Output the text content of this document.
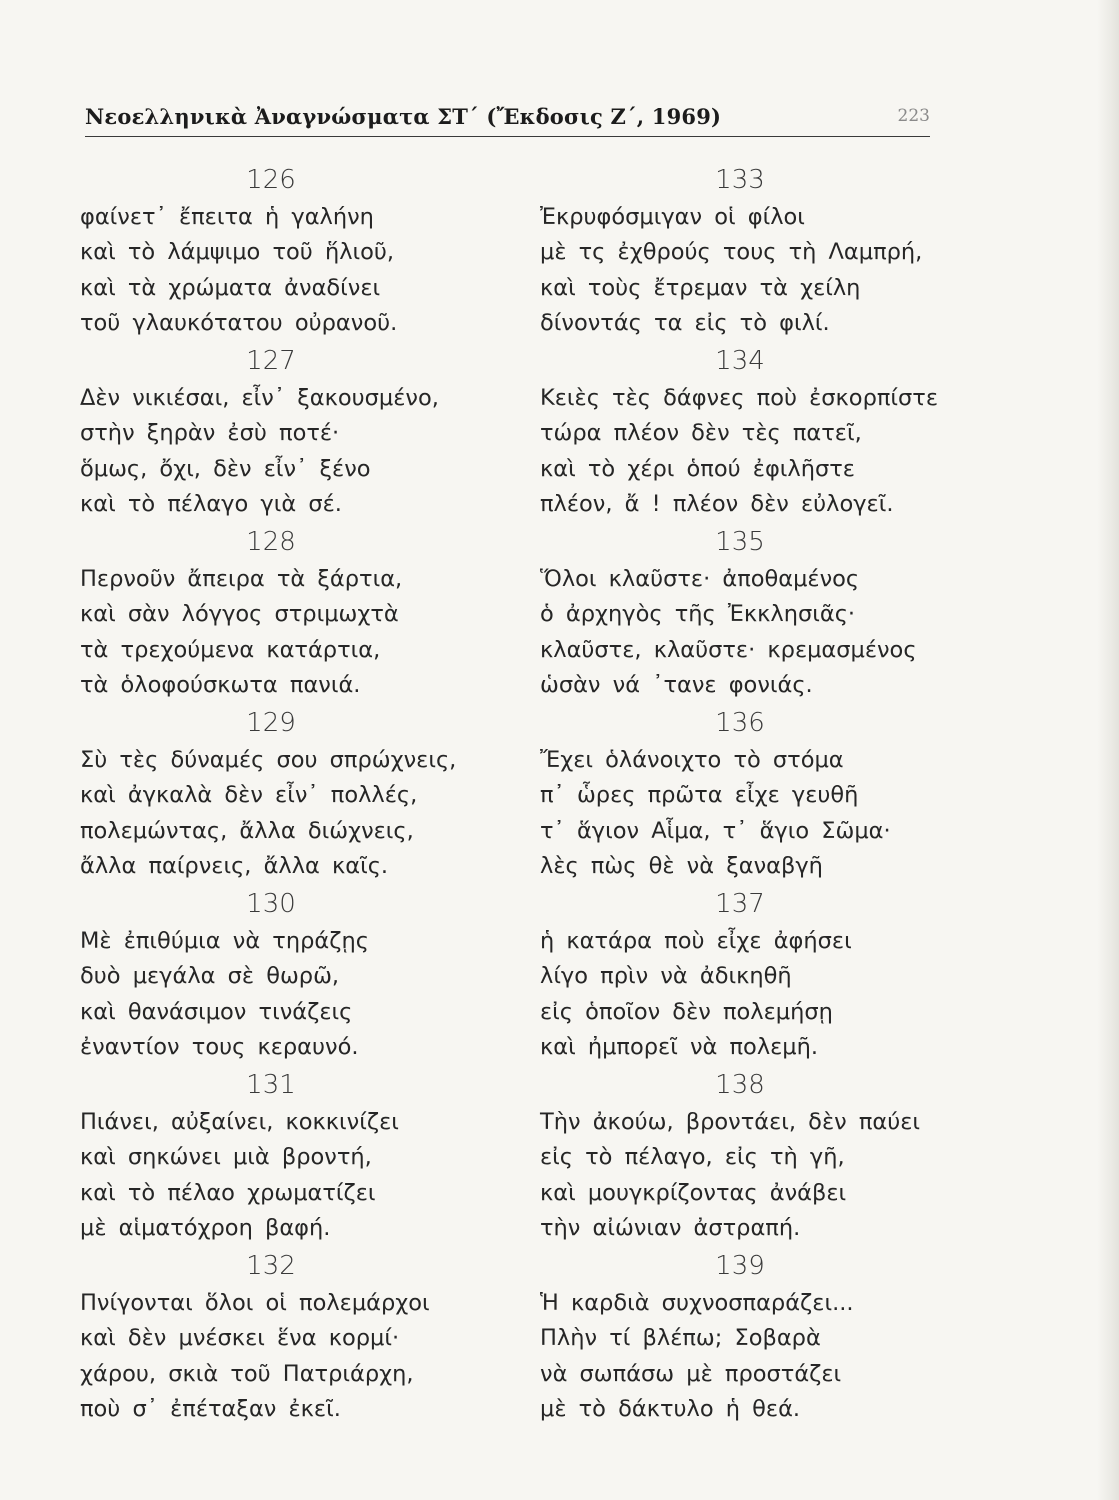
Νεοελληνικὰ Ἀναγνώσματα ΣΤ΄ (Ἔκδοσις Ζ΄, 1969)	223
126
φαίνετ᾿ ἔπειτα ἡ γαλήνη
καὶ τὸ λάμψιμο τοῦ ἥλιοῦ,
καὶ τὰ χρώματα ἀναδίνει
τοῦ γλαυκότατου οὐρανοῦ.
127
Δὲν νικιέσαι, εἶν᾿ ξακουσμένο,
στὴν ξηρὰν ἐσὺ ποτέ·
ὅμως, ὄχι, δὲν εἶν᾿ ξένο
καὶ τὸ πέλαγο γιὰ σέ.
128
Περνοῦν ἄπειρα τὰ ξάρτια,
καὶ σὰν λόγγος στριμωχτὰ
τὰ τρεχούμενα κατάρτια,
τὰ ὁλοφούσκωτα πανιά.
129
Σὺ τὲς δύναμές σου σπρώχνεις,
καὶ ἀγκαλὰ δὲν εἶν᾿ πολλές,
πολεμώντας, ἄλλα διώχνεις,
ἄλλα παίρνεις, ἄλλα καῖς.
130
Μὲ ἐπιθύμια νὰ τηράζῃς
δυὸ μεγάλα σὲ θωρῶ,
καὶ θανάσιμον τινάζεις
ἐναντίον τους κεραυνό.
131
Πιάνει, αὐξαίνει, κοκκινίζει
καὶ σηκώνει μιὰ βροντή,
καὶ τὸ πέλαο χρωματίζει
μὲ αἱματόχροη βαφή.
132
Πνίγονται ὅλοι οἱ πολεμάρχοι
καὶ δὲν μνέσκει ἕνα κορμί·
χάρου, σκιὰ τοῦ Πατριάρχη,
ποὺ σ᾿ ἐπέταξαν ἐκεῖ.
133
Ἐκρυφόσμιγαν οἱ φίλοι
μὲ τς ἐχθρούς τους τὴ Λαμπρή,
καὶ τοὺς ἔτρεμαν τὰ χείλη
δίνοντάς τα εἰς τὸ φιλί.
134
Κειὲς τὲς δάφνες ποὺ ἐσκορπίστε
τώρα πλέον δὲν τὲς πατεῖ,
καὶ τὸ χέρι ὁπού ἐφιλῆστε
πλέον, ἄ ! πλέον δὲν εὐλογεῖ.
135
Ὅλοι κλαῦστε· ἀποθαμένος
ὁ ἀρχηγὸς τῆς Ἐκκλησιᾶς·
κλαῦστε, κλαῦστε· κρεμασμένος
ὡσὰν νά ᾿τανε φονιάς.
136
Ἔχει ὁλάνοιχτο τὸ στόμα
π᾿ ὧρες πρῶτα εἶχε γευθῆ
τ᾿ ἅγιον Αἷμα, τ᾿ ἅγιο Σῶμα·
λὲς πὼς θὲ νὰ ξαναβγῆ
137
ἡ κατάρα ποὺ εἶχε ἀφήσει
λίγο πρὶν νὰ ἀδικηθῆ
εἰς ὁποῖον δὲν πολεμήσῃ
καὶ ἠμπορεῖ νὰ πολεμῆ.
138
Τὴν ἀκούω, βροντάει, δὲν παύει
εἰς τὸ πέλαγο, εἰς τὴ γῆ,
καὶ μουγκρίζοντας ἀνάβει
τὴν αἰώνιαν ἀστραπή.
139
Ἡ καρδιὰ συχνοσπαράζει...
Πλὴν τί βλέπω; Σοβαρὰ
νὰ σωπάσω μὲ προστάζει
μὲ τὸ δάκτυλο ἡ θεά.
